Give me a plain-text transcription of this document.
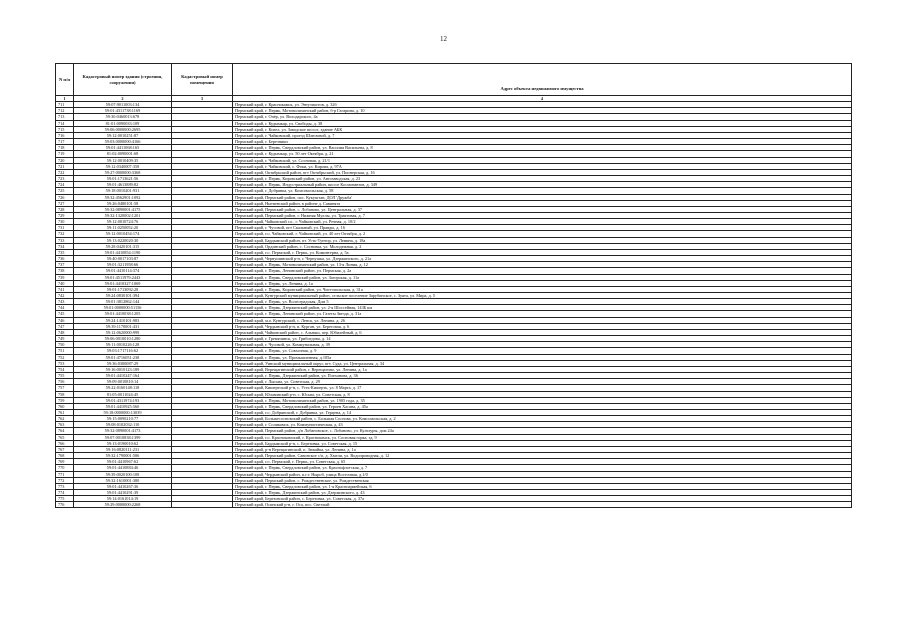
12
N п/п	Кадастровый номер здания (строения, сооружения)	Кадастровый номер помещения	Адрес объекта недвижимого имущества
1	2	3	4
711	59:07:9011003:134		Пермский край, г. Краснокамск, ул. Энтузиастов, д. 32б
712	59:01:4311738:1169		Пермский край, г. Пермь, Мотовилихинский район, б-р Гагарина, д. 10
713	59:30:0460013:678		Пермский край, г. Очёр, ул. Володарского, 4а
714	81:01:0090033:109		Пермский край, г. Кудымкар, ул. Свободы, д. 38
715	59:06:0000000:2695		Пермский край, г. Кизел, ул. Заводское шоссе, здание АБК
716	59:12:0010251:87		Пермский край, г. Чайковский, проезд Шлюзовой, д. 7
717	59:03:0000000:4166		Пермский край, г. Березники
718	59:01:4411068:165		Пермский край, г. Пермь, Свердловский район, ул. Василия Васильева, д. 8
719	81:02:0090001:68		Пермский край, г. Кудымкар, ул. 50 лет Октября, д. 21
720	59:12:0010409:35		Пермский край, г. Чайковский, ул. Сосновая, д. 21/1
721	59:12:0340007:358		Пермский край, г. Чайковский, с. Фоки, ул. Кирова, д. 97А
722	59:27:0000000:3368		Пермский край, Октябрьский район, пгт Октябрьский, ул. Пионерская, д. 16
723	59:01:1713621:56		Пермский край, г. Пермь, Кировский район, ул. Автозаводская, д. 23
724	59:01:4613889:82		Пермский край, г. Пермь, Индустриальный район, шоссе Космонавтов, д. 349
725	59:18:0010201:931		Пермский край, г. Добрянка, ул. Комсомольская, д. 58
726	59:32:4562901:1092		Пермский край, Пермский район, пос. Кукуштан, ДОЛ 'Дружба'
727	59:26:0480101:58		Пермский край, Нытвенский район, в районе д. Савинята
728	59:32:0890001:4175		Пермский край, Пермский район, с. Лобаново, ул. Центральная, д. 37
729	59:32:1320002:1201		Пермский край, Пермский район, г. Нижняя Муллы, ул. Трактовая, д. 7
730	59:12:0010724:76		Пермский край, Чайковский г.о., г. Чайковский, ул. Речная, д. 10/2
731	59:11:0250052:20		Пермский край, г. Чусовой, пгт Скальный, ул. Правды, д. 16
732	59:12:0010454:174		Пермский край, г.о. Чайковский, г. Чайковский, ул. 40 лет Октября, д. 2
733	59:13:0220020:30		Пермский край, Бардымский район, пт. Усть-Тунтор, ул. Ленина, д. 18а
734	59:28:0420101:315		Пермский край, Ординский район, с. Сосновка, ул. Молодежная, д. 2
735	59:01:4410854:1190		Пермский край, г.о. Пермский, г. Пермь, ул. Коминтерна, д. 5а
736	59:40:0017103:87		Пермский край, Чернушинский р-н, г. Чернушка, ул. Дзержинского, д. 21а
737	59:01:3211958:66		Пермский край, г. Пермь, Мотовилихинский район, ул. 13-я Линия, д. 12
738	59:01:4410114:374		Пермский край, г. Пермь, Ленинский район, ул. Пермская, д. 2а
739	59:01:4511979:2443		Пермский край, г. Пермь, Свердловский район, ул. Загорская, д. 11а
740	59:01:4410327:1069		Пермский край, г. Пермь, ул. Ленина, д. 1а
741	59:01:1713092:28		Пермский край, г. Пермь, Кировский район, ул. Чистопольская, д. 31а
742	59:24:0830101:394		Пермский край, Кунгурский муниципальный район, сельское поселение Зарубинское, с. Зуята, ул. Мира, д. 5
743	59:01:3812862:144		Пермский край, г. Пермь, ул. Волгоградская, Дом 5
744	59:01:0000000:51156		Пермский край, г. Пермь, Дзержинский район, ул. 2-я Шоссейная, 143Б км
745	59:01:4410038:1205		Пермский край, г. Пермь, Ленинский район, ул. Газеты Звезда, д. 31а
746	59:24:1410101:983		Пермский край, м.о. Кунгурский, с. Ленск, ул. Ленина, д. 26
747	59:39:1170001:431		Пермский край, Чердынский р-н, п. Курган, ул. Береговая, д. 6
748	59:12:0620000:999		Пермский край, Чайковский район, с. Альняш, пер. Юбилейный, д. 6
749	59:06:0010010:1280		Пермский край, г. Гремячинск, ул. Грибоедова, д. 14
750	59:11:0010226:128		Пермский край, г. Чусовой, ул. Коммунальная, д. 39
751	59:03:1717116:62		Пермский край, г. Пермь, ул. Совхозная, д. 9
752	59:01:4716051:238		Пермский край, г. Пермь, ул. Промышленная, д.105а
753	59:36:0300087:29		Пермский край, Уинский муниципальный округ, пгт. Суда, ул. Центральная, д. 34
754	59:16:0010123:189		Пермский край, Верещагинский район, г. Верещагино, ул. Ленина, д. 1а
755	59:01:4410247:164		Пермский край, г. Пермь, Дзержинский район, ул. Плеханова, д. 36
756	59:09:0010810:14		Пермский край, г. Лысьва, ул. Советская, д. 29
757	59:22:0160148:118		Пермский край, Кишертский р-н, с. Усть-Кишерть, ул. 8 Марта, д. 17
758	81:05:0011024:45		Пермский край, Юсьвинский р-н, с. Юсьва, ул. Советская, д. 8
759	59:01:4311974:193		Пермский край, г. Пермь, Мотовилихинский район, ул. 1905 года, д. 35
760	59:01:4410925:560		Пермский край, г. Пермь, Свердловский район, ул. Героев Хасана, д. 45а
761	59:18:0000000:13039		Пермский край, г.о. Добрянский, г. Добрянка, ул. Герцена, д. 14
762	59:15:0090210:77		Пермский край, Большесосновский район, с. Большая Соснова, ул. Комсомольская, д. 2
763	59:08:0102032:110		Пермский край, г. Соликамск, ул. Коммунистическая, д. 43
764	59:32:0890001:4173		Пермский край, Пермский район, д/п Лобановское, с. Лобаново, ул. Культуры, дом 24а
765	59:07:0010838:1399		Пермский край, г.о. Краснокамский, г. Краснокамск, ул. Сосновая горка, зд. 9
766	59:13:0190010:62		Пермский край, Бардымский р-н, с. Березовка, ул. Советская, д. 15
767	59:16:0820111:231		Пермский край, р-н Верещагинский, п. Зюкайка, ул. Ленина, д. 1а
768	59:32:1790001:586		Пермский край, Пермский район, Савинское с/п, д. Хмели, ул. Водопроводная, д. 12
769	59:01:4410967:62		Пермский край, г.о. Пермский, г. Пермь, ул. Советская, д. 65
770	59:01:4410884:46		Пермский край, г. Пермь, Свердловский район, ул. Краснофлотская, д. 7
771	59:39:0020100:108		Пермский край, Чердынский район, п.г.т. Ныроб, улица Восточная, д.1/0
772	59:32:1610001:380		Пермский край, Пермский район, с. Рождественское, ул. Рождественская
773	59:01:4410267:36		Пермский край, г. Пермь, Свердловский район, ул. 1-я Красноармейская, 6
774	59:01:4410291:39		Пермский край, г. Пермь, Дзержинский район, ул. Дзержинского, д. 43
775	59:14:0161014:19		Пермский край, Березовский район, с. Березовка, ул. Советская, д. 37а
776	59:29:0000000:2268		Пермский край, Осинский р-н, г. Оса, пос. Светлый
